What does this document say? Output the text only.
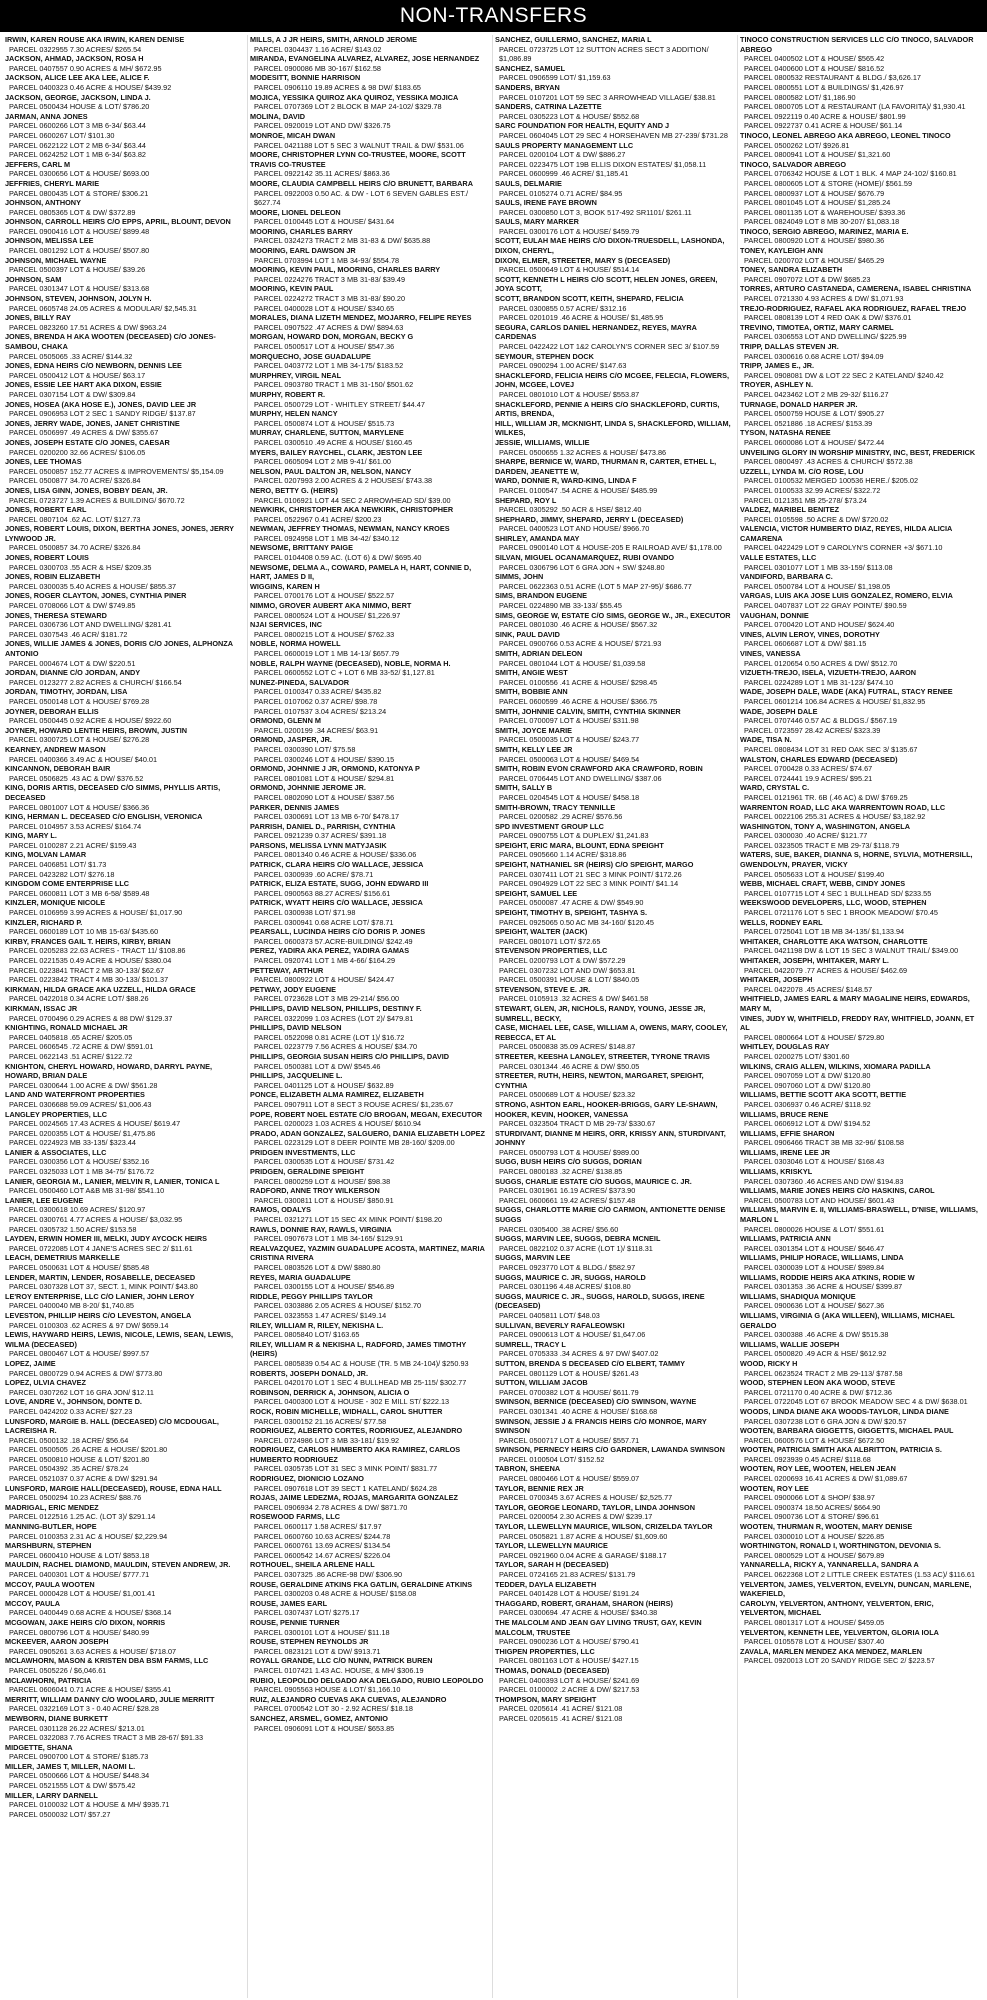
NON-TRANSFERS
IRWIN, KAREN ROUSE AKA IRWIN, KAREN DENISE
PARCEL 0322955 7.30 ACRES/ $265.54
JACKSON, AHMAD, JACKSON, ROSA H
PARCEL 0407557 0.90 ACRES & MH/ $672.95
JACKSON, ALICE LEE AKA LEE, ALICE F.
PARCEL 0400323 0.46 ACRE & HOUSE/ $439.92
JACKSON, GEORGE, JACKSON, LINDA J.
PARCEL 0500434 HOUSE & LOT/ $786.20
JARMAN, ANNA JONES
PARCEL 0600266 LOT 3 MB 6-34/ $63.44
PARCEL 0600267 LOT/ $101.30
PARCEL 0622122 LOT 2 MB 6-34/ $63.44
PARCEL 0624252 LOT 1 MB 6-34/ $63.82
JEFFERS, CARL M
PARCEL 0300656 LOT & HOUSE/ $693.00
JEFFRIES, CHERYL MARIE
PARCEL 0800435 LOT & STORE/ $306.21
JOHNSON, ANTHONY
PARCEL 0805365 LOT & DW/ $372.89
JOHNSON, CARROLL HEIRS C/O EPPS, APRIL, BLOUNT, DEVON
PARCEL 0900416 LOT & HOUSE/ $899.48
JOHNSON, MELISSA LEE
PARCEL 0801292 LOT & HOUSE/ $507.80
JOHNSON, MICHAEL WAYNE
PARCEL 0500397 LOT & HOUSE/ $39.26
JOHNSON, SAM
PARCEL 0301347 LOT & HOUSE/ $313.68
JOHNSON, STEVEN, JOHNSON, JOLYN H.
PARCEL 0605748 24.05 ACRES & MODULAR/ $2,545.31
JONES, BILLY RAY
PARCEL 0823260 17.51 ACRES & DW/ $963.24
JONES, BRENDA H AKA WOOTEN (DECEASED) C/O JONES-SAMBOU, CHAKA
PARCEL 0505065 .33 ACRE/ $144.32
JONES, EDNA HEIRS C/O NEWBORN, DENNIS LEE
PARCEL 0500412 LOT & HOUSE/ $63.17
JONES, ESSIE LEE HART AKA DIXON, ESSIE
PARCEL 0307154 LOT & DW/ $309.84
JONES, HOSEA (AKA HOSE E.), JONES, DAVID LEE JR
PARCEL 0906953 LOT 2 SEC 1 SANDY RIDGE/ $137.87
JONES, JERRY WADE, JONES, JANET CHRISTINE
PARCEL 0506997 .49 ACRES & DW/ $355.67
JONES, JOSEPH ESTATE C/O JONES, CAESAR
PARCEL 0200200 32.66 ACRES/ $106.05
JONES, LEE THOMAS
PARCEL 0500857 152.77 ACRES & IMPROVEMENTS/ $5,154.09
PARCEL 0500877 34.70 ACRE/ $326.84
JONES, LISA GINN, JONES, BOBBY DEAN, JR.
PARCEL 0723727 1.39 ACRES & BUILDING/ $670.72
JONES, ROBERT EARL
PARCEL 0807104 .62 AC. LOT/ $127.73
JONES, ROBERT LOUIS, DIXON, BERTHA JONES, JONES, JERRY LYNWOOD JR.
PARCEL 0500857 34.70 ACRE/ $326.84
JONES, ROBERT LOUIS
PARCEL 0300703 .55 ACR & HSE/ $209.35
JONES, ROBIN ELIZABETH
PARCEL 0300035 5.40 ACRES & HOUSE/ $855.37
JONES, ROGER CLAYTON, JONES, CYNTHIA PINER
PARCEL 0708066 LOT & DW/ $749.85
JONES, THERESA STEWARD
PARCEL 0306736 LOT AND DWELLING/ $281.41
PARCEL 0307543 .46 ACR/ $181.72
JONES, WILLIE JAMES & JONES, DORIS C/O JONES, ALPHONZA ANTONIO
PARCEL 0004674 LOT & DW/ $220.51
JORDAN, DIANNE C/O JORDAN, ANDY
PARCEL 0123277 2.82 ACRES & CHURCH/ $166.54
JORDAN, TIMOTHY, JORDAN, LISA
PARCEL 0500148 LOT & HOUSE/ $769.28
JOYNER, DEBORAH ELLIS
PARCEL 0500445 0.92 ACRE & HOUSE/ $922.60
JOYNER, HOWARD LENTIE HEIRS, BROWN, JUSTIN
PARCEL 0300725 LOT & HOUSE/ $276.28
KEARNEY, ANDREW MASON
PARCEL 0400366 3.49 AC & HOUSE/ $40.01
KINCANNON, DEBORAH BAIR
PARCEL 0506825 .43 AC & DW/ $376.52
KING, DORIS ARTIS, DECEASED C/O SIMMS, PHYLLIS ARTIS, DECEASED
PARCEL 0801007 LOT & HOUSE/ $366.36
KING, HERMAN L. DECEASED C/O ENGLISH, VERONICA
PARCEL 0104957 3.53 ACRES/ $164.74
KING, MARY L.
PARCEL 0100287 2.21 ACRE/ $159.43
KING, MOLVAN LAMAR
PARCEL 0406851 LOT/ $1.73
PARCEL 0423282 LOT/ $276.18
KINGDOM COME ENTERPRISE LLC
PARCEL 0600811 LOT 3 MB 6-58/ $589.48
KINZLER, MONIQUE NICOLE
PARCEL 0106959 3.99 ACRES & HOUSE/ $1,017.90
KINZLER, RICHARD P.
PARCEL 0600189 LOT 10 MB 15-63/ $435.60
KIRBY, FRANCES GAIL T. HEIRS, KIRBY, BRIAN
PARCEL 0205283 22.63 ACRES - TRACT 11/ $108.86
PARCEL 0221535 0.49 ACRE & HOUSE/ $380.04
PARCEL 0223841 TRACT 2 MB 30-133/ $62.67
PARCEL 0223842 TRACT 4 MB 30-133/ $101.37
KIRKMAN, HILDA GRACE AKA UZZELL, HILDA GRACE
PARCEL 0422018 0.34 ACRE LOT/ $88.26
KIRKMAN, ISSAC JR
PARCEL 0700496 0.29 ACRES & 88 DW/ $129.37
KNIGHTING, RONALD MICHAEL JR
PARCEL 0405818 .65 ACRE/ $205.05
PARCEL 0606545 .72 ACRE & DW/ $591.01
PARCEL 0622143 .51 ACRE/ $122.72
KNIGHTON, CHERYL HOWARD, HOWARD, DARRYL PAYNE, HOWARD, BRIAN DALE
PARCEL 0300644 1.00 ACRE & DW/ $561.28
LAND AND WATERFRONT PROPERTIES
PARCEL 0306688 59.09 ACRES/ $1,006.43
LANGLEY PROPERTIES, LLC
PARCEL 0024565 17.43 ACRES & HOUSE/ $619.47
PARCEL 0200355 LOT & HOUSE/ $1,475.86
PARCEL 0224923 MB 33-135/ $323.44
LANIER & ASSOCIATES, LLC
PARCEL 0300356 LOT & HOUSE/ $352.16
PARCEL 0325033 LOT 1 MB 34-75/ $176.72
LANIER, GEORGIA M., LANIER, MELVIN R, LANIER, TONICA L
PARCEL 0500460 LOT A&B MB 31-98/ $541.10
LANIER, LEE EUGENE
PARCEL 0300618 10.69 ACRES/ $120.97
PARCEL 0300761 4.77 ACRES & HOUSE/ $3,032.95
PARCEL 0305732 1.50 ACRE/ $153.58
LAYDEN, ERWIN HOMER III, MELKI, JUDY AYCOCK HEIRS
PARCEL 0722085 LOT 4 JANE'S ACRES SEC 2/ $11.61
LEACH, DEMETRIUS MARKELLE
PARCEL 0500631 LOT & HOUSE/ $585.48
LENDER, MARTIN, LENDER, ROSABELLE, DECEASED
PARCEL 0307328 LOT 37, SECT. 1, MINK POINT/ $43.80
LE'ROY ENTERPRISE, LLC C/O LANIER, JOHN LEROY
PARCEL 0400040 MB 8-20/ $1,740.85
LEVESTON, PHILLIP HEIRS C/O LEVESTON, ANGELA
PARCEL 0100303 .62 ACRES & 97 DW/ $659.14
LEWIS, HAYWARD HEIRS, LEWIS, NICOLE, LEWIS, SEAN, LEWIS, WILMA (DECEASED)
PARCEL 0800467 LOT & HOUSE/ $997.57
LOPEZ, JAIME
PARCEL 0800729 0.94 ACRES & DW/ $773.80
LOPEZ, ULVIA CHAVEZ
PARCEL 0307262 LOT 16 GRA JON/ $12.11
LOVE, ANDRE V., JOHNSON, DONTE D.
PARCEL 0424202 0.33 ACRE/ $27.23
LUNSFORD, MARGIE B. HALL (DECEASED) C/O MCDOUGAL, LACREISHA R.
PARCEL 0500132 .18 ACRE/ $56.64
PARCEL 0500505 .26 ACRE & HOUSE/ $201.80
PARCEL 0500810 HOUSE & LOT/ $201.80
PARCEL 0504392 .35 ACRE/ $78.24
PARCEL 0521037 0.37 ACRE & DW/ $291.94
LUNSFORD, MARGIE HALL(DECEASED), ROUSE, EDNA HALL
PARCEL 0500294 10.23 ACRES/ $88.76
MADRIGAL, ERIC MENDEZ
PARCEL 0122516 1.25 AC. (LOT 3)/ $291.14
MANNING-BUTLER, HOPE
PARCEL 0100353 2.31 AC & HOUSE/ $2,229.94
MARSHBURN, STEPHEN
PARCEL 0600410 HOUSE & LOT/ $853.18
MAULDIN, RACHEL DIAMOND, MAULDIN, STEVEN ANDREW, JR.
PARCEL 0400301 LOT & HOUSE/ $777.71
MCCOY, PAULA WOOTEN
PARCEL 0000428 LOT & HOUSE/ $1,001.41
MCCOY, PAULA
PARCEL 0400449 0.68 ACRE & HOUSE/ $368.14
MCGOWAN, JAKE HEIRS C/O DIXON, NORRIS
PARCEL 0800796 LOT & HOUSE/ $480.99
MCKEEVER, AARON JOSEPH
PARCEL 0905261 3.63 ACRES & HOUSE/ $718.07
MCLAWHORN, MASON & KRISTEN DBA BSM FARMS, LLC
PARCEL 0505226 / $6,046.61
MCLAWHORN, PATRICIA
PARCEL 0606041 0.71 ACRE & HOUSE/ $355.41
MERRITT, WILLIAM DANNY C/O WOOLARD, JULIE MERRITT
PARCEL 0322169 LOT 3 - 0.40 ACRE/ $28.28
MEWBORN, DIANE BURKETT
PARCEL 0301128 26.22 ACRES/ $213.01
PARCEL 0322083 7.76 ACRES TRACT 3 MB 28-67/ $91.33
MIDGETTE, SHANA
PARCEL 0900700 LOT & STORE/ $185.73
MILLER, JAMES T, MILLER, NAOMI L.
PARCEL 0500666 LOT & HOUSE/ $448.34
PARCEL 0521555 LOT & DW/ $575.42
MILLER, LARRY DARNELL
PARCEL 0100032 LOT & HOUSE & MH/ $935.71
PARCEL 0500032 LOT/ $57.27
MILLS, A J JR HEIRS, SMITH, ARNOLD JEROME
PARCEL 0304437 1.16 ACRE/ $143.02
MIRANDA, EVANGELINA ALVAREZ, ALVAREZ, JOSE HERNANDEZ
PARCEL 0900086 MB 30-167/ $162.58
MODESITT, BONNIE HARRISON
PARCEL 0906110 19.89 ACRES & 98 DW/ $183.65
MOJICA, YESSIKA QUIROZ AKA QUIROZ, YESSIKA MOJICA
PARCEL 0707369 LOT 2 BLOCK B MAP 24-102/ $329.78
MOLINA, DAVID
PARCEL 0920019 LOT AND DW/ $326.75
MONROE, MICAH DWAN
PARCEL 0421188 LOT 5 SEC 3 WALNUT TRAIL & DW/ $531.06
MOORE, CHRISTOPHER LYNN CO-TRUSTEE, MOORE, SCOTT TRAVIS CO-TRUSTEE
PARCEL 0922142 35.11 ACRES/ $863.36
MOORE, CLAUDIA CAMPBELL HEIRS C/O BRUNETT, BARBARA
PARCEL 0922003 0.50 AC. & DW - LOT 6 SEVEN GABLES EST./ $627.74
MOORE, LIONEL DELEON
PARCEL 0100445 LOT & HOUSE/ $431.64
MOORING, CHARLES BARRY
PARCEL 0324273 TRACT 2 MB 31-83 & DW/ $635.88
MOORING, EARL DAWSON JR
PARCEL 0703994 LOT 1 MB 34-93/ $554.78
MOORING, KEVIN PAUL, MOORING, CHARLES BARRY
PARCEL 0224276 TRACT 3 MB 31-83/ $39.49
MOORING, KEVIN PAUL
PARCEL 0224272 TRACT 3 MB 31-83/ $90.20
PARCEL 0400028 LOT & HOUSE/ $340.65
MORALES, DIANA LIZETH MENDEZ, MOJARRO, FELIPE REYES
PARCEL 0907522 .47 ACRES & DW/ $894.63
MORGAN, HOWARD DON, MORGAN, BECKY G
PARCEL 0500517 LOT & HOUSE/ $547.36
MORQUECHO, JOSE GUADALUPE
PARCEL 0403772 LOT 1 MB 34-175/ $183.52
MURPHREY, VIRGIL NEAL
PARCEL 0903780 TRACT 1 MB 31-150/ $501.62
MURPHY, ROBERT R.
PARCEL 0500729 LOT - WHITLEY STREET/ $44.47
MURPHY, HELEN NANCY
PARCEL 0500874 LOT & HOUSE/ $515.73
MURRAY, CHARLENE, SUTTON, MARYLENE
PARCEL 0300510 .49 ACRE & HOUSE/ $160.45
MYERS, BAILEY RAYCHEL, CLARK, JESTON LEE
PARCEL 0605094 LOT 2 MB 9-41/ $61.00
NELSON, PAUL DALTON JR, NELSON, NANCY
PARCEL 0207993 2.00 ACRES & 2 HOUSES/ $743.38
NERO, BETTY G. (HEIRS)
PARCEL 0106921 LOT 44 SEC 2 ARROWHEAD SD/ $39.00
NEWKIRK, CHRISTOPHER AKA NEWKIRK, CHRISTOPHER
PARCEL 0522967 0.41 ACRE/ $200.23
NEWMAN, JEFFREY THOMAS, NEWMAN, NANCY KROES
PARCEL 0924958 LOT 1 MB 34-42/ $340.12
NEWSOME, BRITTANY PAIGE
PARCEL 0104408 0.59 AC. (LOT 6) & DW/ $695.40
NEWSOME, DELMA A., COWARD, PAMELA H, HART, CONNIE D, HART, JAMES D II,
WIGGINS, KAREN H
PARCEL 0700176 LOT & HOUSE/ $522.57
NIMMO, GROVER AUBERT AKA NIMMO, BERT
PARCEL 0800524 LOT & HOUSE/ $1,226.97
NJAI SERVICES, INC
PARCEL 0800215 LOT & HOUSE/ $762.33
NOBLE, NORMA HOWELL
PARCEL 0600019 LOT 1 MB 14-13/ $657.79
NOBLE, RALPH WAYNE (DECEASED), NOBLE, NORMA H.
PARCEL 0600552 LOT C + LOT 6 MB 33-52/ $1,127.81
NUNEZ-PINEDA, SALVADOR
PARCEL 0100347 0.33 ACRE/ $435.82
PARCEL 0107062 0.37 ACRE/ $98.78
PARCEL 0107537 3.04 ACRES/ $213.24
ORMOND, GLENN M
PARCEL 0200199 .34 ACRES/ $63.91
ORMOND, JASPER, JR.
PARCEL 0300390 LOT/ $75.58
PARCEL 0300246 LOT & HOUSE/ $390.15
ORMOND, JOHNNIE J JR, ORMOND, KATONYA P
PARCEL 0801081 LOT & HOUSE/ $294.81
ORMOND, JOHNNIE JEROME JR.
PARCEL 0802090 LOT & HOUSE/ $387.56
PARKER, DENNIS JAMES
PARCEL 0300691 LOT 13 MB 6-70/ $478.17
PARRISH, DANIEL D., PARRISH, CYNTHIA
PARCEL 0921239 0.37 ACRES/ $391.18
PARSONS, MELISSA LYNN MATYJASIK
PARCEL 0801340 0.46 ACRE & HOUSE/ $336.06
PATRICK, CLARA HEIRS C/O WALLACE, JESSICA
PARCEL 0300939 .60 ACRE/ $78.71
PATRICK, ELIZA ESTATE, SUGG, JOHN EDWARD III
PARCEL 0900563 88.27 ACRES/ $156.61
PATRICK, WYATT HEIRS C/O WALLACE, JESSICA
PARCEL 0300938 LOT/ $71.98
PARCEL 0300941 0.68 ACRE LOT/ $78.71
PEARSALL, LUCINDA HEIRS C/O DORIS P. JONES
PARCEL 0600373 57.ACRE-BUILDING/ $242.49
PEREZ, YADIRA AKA PEREZ, YADIRA GAMAS
PARCEL 0920741 LOT 1 MB 4-66/ $164.29
PETTEWAY, ARTHUR
PARCEL 0800922 LOT & HOUSE/ $424.47
PETWAY, JODY EUGENE
PARCEL 0723628 LOT 3 MB 29-214/ $56.00
PHILLIPS, DAVID NELSON, PHILLIPS, DESTINY F.
PARCEL 0322099 1.03 ACRES (LOT 2)/ $479.81
PHILLIPS, DAVID NELSON
PARCEL 0522098 0.81 ACRE (LOT 1)/ $16.72
PARCEL 0223779 7.56 ACRES & HOUSE/ $34.70
PHILLIPS, GEORGIA SUSAN HEIRS C/O PHILLIPS, DAVID
PARCEL 0500381 LOT & DW/ $545.46
PHILLIPS, JACQUELINE L.
PARCEL 0401125 LOT & HOUSE/ $632.89
PONCE, ELIZABETH ALMA RAMIREZ, ELIZABETH
PARCEL 0907911 LOT 8 SECT 3 ROUSE ACRES/ $1,235.67
POPE, ROBERT NOEL ESTATE C/O BROGAN, MEGAN, EXECUTOR
PARCEL 0200023 1.03 ACRES & HOUSE/ $610.94
PRADO, ADAN GONZALEZ, SALGUERO, DANIA ELIZABETH LOPEZ
PARCEL 0223129 LOT 8 DEER POINTE MB 28-160/ $209.00
PRIDGEN INVESTMENTS, LLC
PARCEL 0300535 LOT & HOUSE/ $731.42
PRIDGEN, GERALDINE SPEIGHT
PARCEL 0800259 LOT & HOUSE/ $98.38
RADFORD, ANNE TROY WILKERSON
PARCEL 0300811 LOT & HOUSE/ $850.91
RAMOS, ODALYS
PARCEL 0321271 LOT 15 SEC 4X MINK POINT/ $198.20
RAWLS, DONNIE RAY, RAWLS, VIRGINIA
PARCEL 0907673 LOT 1 MB 34-165/ $129.91
REALVAZQUEZ, YAZMIN GUADALUPE ACOSTA, MARTINEZ, MARIA CRISTINA RIVERA
PARCEL 0803526 LOT & DW/ $880.80
REYES, MARIA GUADALUPE
PARCEL 0300155 LOT & HOUSE/ $546.89
RIDDLE, PEGGY PHILLIPS TAYLOR
PARCEL 0303886 2.05 ACRES & HOUSE/ $152.70
PARCEL 0323553 1.47 ACRES/ $149.14
RILEY, WILLIAM R, RILEY, NEKISHA L.
PARCEL 0805840 LOT/ $163.65
RILEY, WILLIAM R & NEKISHA L, RADFORD, JAMES TIMOTHY (HEIRS)
PARCEL 0805839 0.54 AC & HOUSE (TR. 5 MB 24-104)/ $250.93
ROBERTS, JOSEPH DONALD, JR.
PARCEL 0420170 LOT 1 SEC 4 BULLHEAD MB 25-115/ $302.77
ROBINSON, DERRICK A, JOHNSON, ALICIA O
PARCEL 0400300 LOT & HOUSE - 302 E MILL ST/ $222.13
ROCK, ROBIN MICHELLE, WIDHALL, CAROL SHUTTER
PARCEL 0300152 21.16 ACRES/ $77.58
RODRIGUEZ, ALBERTO CORTES, RODRIGUEZ, ALEJANDRO
PARCEL 0724986 LOT 3 MB 33-181/ $19.92
RODRIGUEZ, CARLOS HUMBERTO AKA RAMIREZ, CARLOS HUMBERTO RODRIGUEZ
PARCEL 0305735 LOT 31 SEC 3 MINK POINT/ $831.77
RODRIGUEZ, DIONICIO LOZANO
PARCEL 0907618 LOT 39 SECT 1 KATELAND/ $624.28
ROJAS, JAIME LEDEZMA, ROJAS, MARGARITA GONZALEZ
PARCEL 0906934 2.78 ACRES & DW/ $871.70
ROSEWOOD FARMS, LLC
PARCEL 0600117 1.58 ACRES/ $17.97
PARCEL 0600760 10.63 ACRES/ $244.78
PARCEL 0600761 13.69 ACRES/ $134.54
PARCEL 0600542 14.67 ACRES/ $226.04
ROTHOUEL, SHEILA ARLENE HALL
PARCEL 0307325 .86 ACRE-98 DW/ $306.90
ROUSE, GERALDINE ATKINS FKA GATLIN, GERALDINE ATKINS
PARCEL 0300203 0.48 ACRE & HOUSE/ $158.08
ROUSE, JAMES EARL
PARCEL 0307437 LOT/ $275.17
ROUSE, PENNIE TURNER
PARCEL 0300101 LOT & HOUSE/ $11.18
ROUSE, STEPHEN REYNOLDS JR
PARCEL 0823121 LOT & DW/ $913.71
ROYALL GRANDE, LLC C/O NUNN, PATRICK BUREN
PARCEL 0107421 1.43 AC. HOUSE, & MH/ $306.19
RUBIO, LEOPOLDO DELGADO AKA DELGADO, RUBIO LEOPOLDO
PARCEL 0905563 HOUSE & LOT/ $1,166.10
RUIZ, ALEJANDRO CUEVAS AKA CUEVAS, ALEJANDRO
PARCEL 0700542 LOT 30 - 2.92 ACRES/ $18.18
SANCHEZ, ARSMEL, GOMEZ, ANTONIO
PARCEL 0906091 LOT & HOUSE/ $653.85
SANCHEZ, GUILLERMO, SANCHEZ, MARIA L
PARCEL 0723725 LOT 12 SUTTON ACRES SECT 3 ADDITION/ $1,086.89
SANCHEZ, SAMUEL
PARCEL 0906599 LOT/ $1,159.63
SANDERS, BRYAN
PARCEL 0107201 LOT 59 SEC 3 ARROWHEAD VILLAGE/ $38.81
SANDERS, CATRINA LAZETTE
PARCEL 0305223 LOT & HOUSE/ $552.68
SARC FOUNDATION FOR HEALTH, EQUITY AND J
PARCEL 0604045 LOT 29 SEC 4 HORSEHAVEN MB 27-239/ $731.28
SAULS PROPERTY MANAGEMENT LLC
PARCEL 0200104 LOT & DW/ $886.27
PARCEL 0223475 LOT 19B ELLIS DIXON ESTATES/ $1,058.11
PARCEL 0600999 .46 ACRE/ $1,185.41
SAULS, DELMARIE
PARCEL 0105274 0.71 ACRE/ $84.95
SAULS, IRENE FAYE BROWN
PARCEL 0300850 LOT 3, BOOK 517-492 SR1101/ $261.11
SAULS, MARY MARKER
PARCEL 0300176 LOT & HOUSE/ $459.79
SCOTT, EULAH MAE HEIRS C/O DIXON-TRUESDELL, LASHONDA, DIXON, CHERYL,
DIXON, ELMER, STREETER, MARY S (DECEASED)
PARCEL 0500649 LOT & HOUSE/ $514.14
SCOTT, KENNETH L HEIRS C/O SCOTT, HELEN JONES, GREEN, JOYA SCOTT,
SCOTT, BRANDON SCOTT, KEITH, SHEPARD, FELICIA
PARCEL 0300855 0.57 ACRE/ $312.16
PARCEL 0201019 .46 ACRE & HOUSE/ $1,485.95
SEGURA, CARLOS DANIEL HERNANDEZ, REYES, MAYRA CARDENAS
PARCEL 0422422 LOT 1&2 CAROLYN'S CORNER SEC 3/ $107.59
SEYMOUR, STEPHEN DOCK
PARCEL 0900294 1.00 ACRE/ $147.63
SHACKLEFORD, FELICIA HEIRS C/O MCGEE, FELECIA, FLOWERS, JOHN, MCGEE, LOVEJ
PARCEL 0801010 LOT & HOUSE/ $553.87
SHACKLEFORD, PENNIE A HEIRS C/O SHACKLEFORD, CURTIS, ARTIS, BRENDA,
HILL, WILLIAM JR, MCKNIGHT, LINDA S, SHACKLEFORD, WILLIAM, WILKES,
JESSIE, WILLIAMS, WILLIE
PARCEL 0500655 1.32 ACRES & HOUSE/ $473.86
SHARPE, BERNICE W, WARD, THURMAN R, CARTER, ETHEL L, DARDEN, JEANETTE W,
WARD, DONNIE R, WARD-KING, LINDA F
PARCEL 0100547 .54 ACRE & HOUSE/ $485.99
SHEPARD, ROY L
PARCEL 0305292 .50 ACR & HSE/ $812.40
SHEPHARD, JIMMY, SHEPARD, JERRY L (DECEASED)
PARCEL 0400523 LOT AND HOUSE/ $966.70
SHIRLEY, AMANDA MAY
PARCEL 0900140 LOT & HOUSE-205 E RAILROAD AVE/ $1,178.00
SILVAN, MIGUEL OCANAMARQUEZ, RUBI OVANDO
PARCEL 0306796 LOT 6 GRA JON + SW/ $248.80
SIMMS, JOHN
PARCEL 0622363 0.51 ACRE (LOT 5 MAP 27-95)/ $686.77
SIMS, BRANDON EUGENE
PARCEL 0224890 MB 33-133/ $55.45
SIMS, GEORGE W, ESTATE C/O SIMS, GEORGE W., JR., EXECUTOR
PARCEL 0801030 .46 ACRE & HOUSE/ $567.32
SINK, PAUL DAVID
PARCEL 0900766 0.53 ACRE & HOUSE/ $721.93
SMITH, ADRIAN DELEON
PARCEL 0801044 LOT & HOUSE/ $1,039.58
SMITH, ANGIE WEST
PARCEL 0100556 .41 ACRE & HOUSE/ $298.45
SMITH, BOBBIE ANN
PARCEL 0600599 .46 ACRE & HOUSE/ $366.75
SMITH, JOHNNIE CALVIN, SMITH, CYNTHIA SKINNER
PARCEL 0700097 LOT & HOUSE/ $311.98
SMITH, JOYCE MARIE
PARCEL 0500035 LOT & HOUSE/ $243.77
SMITH, KELLY LEE JR
PARCEL 0500063 LOT & HOUSE/ $469.54
SMITH, ROBIN EVON CRAWFORD AKA CRAWFORD, ROBIN
PARCEL 0706445 LOT AND DWELLING/ $387.06
SMITH, SALLY B
PARCEL 0204545 LOT & HOUSE/ $458.18
SMITH-BROWN, TRACY TENNILLE
PARCEL 0200582 .29 ACRE/ $576.56
SPD INVESTMENT GROUP LLC
PARCEL 0900755 LOT & DUPLEX/ $1,241.83
SPEIGHT, ERIC MARA, BLOUNT, EDNA SPEIGHT
PARCEL 0905660 1.14 ACRE/ $318.86
SPEIGHT, NATHANIEL SR (HEIRS) C/O SPEIGHT, MARGO
PARCEL 0307411 LOT 21 SEC 3 MINK POINT/ $172.26
PARCEL 0904929 LOT 22 SEC 3 MINK POINT/ $41.14
SPEIGHT, SAMUEL LEE
PARCEL 0500087 .47 ACRE & DW/ $549.90
SPEIGHT, TIMOTHY B, SPEIGHT, TASHYA S.
PARCEL 0925065 0.50 AC MB 34-160/ $120.45
SPEIGHT, WALTER (JACK)
PARCEL 0801071 LOT/ $72.65
STEVENSON PROPERTIES, LLC
PARCEL 0200793 LOT & DW/ $572.29
PARCEL 0307232 LOT AND DW/ $653.81
PARCEL 0500391 HOUSE & LOT/ $840.05
STEVENSON, STEVE E. JR.
PARCEL 0105913 .32 ACRES & DW/ $461.58
STEWART, GLEN, JR, NICHOLS, RANDY, YOUNG, JESSE JR, SUMRELL, BECKY,
CASE, MICHAEL LEE, CASE, WILLIAM A, OWENS, MARY, COOLEY, REBECCA, ET AL
PARCEL 0500838 35.09 ACRES/ $148.87
STREETER, KEESHA LANGLEY, STREETER, TYRONE TRAVIS
PARCEL 0301344 .46 ACRE & DW/ $50.05
STREETER, RUTH, HEIRS, NEWTON, MARGARET, SPEIGHT, CYNTHIA
PARCEL 0500689 LOT & HOUSE/ $23.32
STRONG, ASHTON EARL, HOOKER-BRIGGS, GARY LE-SHAWN, HOOKER, KEVIN, HOOKER, VANESSA
PARCEL 0323504 TRACT D MB 29-73/ $330.67
STURDIVANT, DIANNE M HEIRS, ORR, KRISSY ANN, STURDIVANT, JOHNNY
PARCEL 0500793 LOT & HOUSE/ $989.00
SUGG, BUSH HEIRS C/O SUGGS, DORIAN
PARCEL 0800183 .32 ACRE/ $138.85
SUGGS, CHARLIE ESTATE C/O SUGGS, MAURICE C. JR.
PARCEL 0301961 16.19 ACRES/ $373.90
PARCEL 0600661 19.42 ACRES/ $157.48
SUGGS, CHARLOTTE MARIE C/O CARMON, ANTIONETTE DENISE SUGGS
PARCEL 0305400 .38 ACRE/ $56.60
SUGGS, MARVIN LEE, SUGGS, DEBRA MCNEIL
PARCEL 0822102 0.37 ACRE (LOT 1)/ $118.31
SUGGS, MARVIN LEE
PARCEL 0923770 LOT & BLDG./ $582.97
SUGGS, MAURICE C. JR, SUGGS, HAROLD
PARCEL 0301196 4.48 ACRES/ $108.80
SUGGS, MAURICE C. JR., SUGGS, HAROLD, SUGGS, IRENE (DECEASED)
PARCEL 0405811 LOT/ $48.03
SULLIVAN, BEVERLY RAFALEOWSKI
PARCEL 0900613 LOT & HOUSE/ $1,647.06
SUMRELL, TRACY L
PARCEL 0705333 .34 ACRES & 97 DW/ $407.02
SUTTON, BRENDA S DECEASED C/O ELBERT, TAMMY
PARCEL 0801129 LOT & HOUSE/ $261.43
SUTTON, WILLIAM JACOB
PARCEL 0700382 LOT & HOUSE/ $611.79
SWINSON, BERNICE (DECEASED) C/O SWINSON, WAYNE
PARCEL 0301341 .40 ACRE & HOUSE/ $168.68
SWINSON, JESSIE J & FRANCIS HEIRS C/O MONROE, MARY SWINSON
PARCEL 0500717 LOT & HOUSE/ $557.71
SWINSON, PERNECY HEIRS C/O GARDNER, LAWANDA SWINSON
PARCEL 0100504 LOT/ $152.52
TABRON, SHEENA
PARCEL 0800466 LOT & HOUSE/ $559.07
TAYLOR, BENNIE REX JR
PARCEL 0700345 3.67 ACRES & HOUSE/ $2,525.77
TAYLOR, GEORGE LEONARD, TAYLOR, LINDA JOHNSON
PARCEL 0200054 2.30 ACRES & DW/ $239.17
TAYLOR, LLEWELLYN MAURICE, WILSON, CRIZELDA TAYLOR
PARCEL 0505821 1.87 ACRE & HOUSE/ $1,609.60
TAYLOR, LLEWELLYN MAURICE
PARCEL 0921960 0.04 ACRE & GARAGE/ $188.17
TAYLOR, SARAH H (DECEASED)
PARCEL 0724165 21.83 ACRES/ $131.79
TEDDER, DAYLA ELIZABETH
PARCEL 0401428 LOT & HOUSE/ $191.24
THAGGARD, ROBERT, GRAHAM, SHARON (HEIRS)
PARCEL 0300694 .47 ACRE & HOUSE/ $340.38
THE MALCOLM AND JEAN GAY LIVING TRUST, GAY, KEVIN MALCOLM, TRUSTEE
PARCEL 0900236 LOT & HOUSE/ $790.41
THIGPEN PROPERTIES, LLC
PARCEL 0801163 LOT & HOUSE/ $427.15
THOMAS, DONALD (DECEASED)
PARCEL 0400393 LOT & HOUSE/ $241.69
PARCEL 0100002 .2 ACRE & DW/ $217.53
THOMPSON, MARY SPEIGHT
PARCEL 0205614 .41 ACRE/ $121.08
PARCEL 0205615 .41 ACRE/ $121.08
TINOCO CONSTRUCTION SERVICES LLC C/O TINOCO, SALVADOR ABREGO
PARCEL 0400502 LOT & HOUSE/ $565.42
PARCEL 0400600 LOT & HOUSE/ $816.52
PARCEL 0800532 RESTAURANT & BLDG./ $3,626.17
PARCEL 0800551 LOT & BUILDINGS/ $1,426.97
PARCEL 0800582 LOT/ $1,186.90
PARCEL 0800705 LOT & RESTAURANT (LA FAVORITA)/ $1,930.41
PARCEL 0922119 0.40 ACRE & HOUSE/ $801.99
PARCEL 0922737 0.41 ACRE & HOUSE/ $61.14
TINOCO, LEONEL ABREGO AKA ABREGO, LEONEL TINOCO
PARCEL 0500262 LOT/ $926.81
PARCEL 0800941 LOT & HOUSE/ $1,321.60
TINOCO, SALVADOR ABREGO
PARCEL 0706342 HOUSE & LOT 1 BLK. 4 MAP 24-102/ $160.81
PARCEL 0800605 LOT & STORE (HOME)/ $561.59
PARCEL 0800937 LOT & HOUSE/ $676.79
PARCEL 0801045 LOT & HOUSE/ $1,285.24
PARCEL 0801135 LOT & WAREHOUSE/ $393.36
PARCEL 0824049 LOT 8 MB 30-207/ $1,083.18
TINOCO, SERGIO ABREGO, MARINEZ, MARIA E.
PARCEL 0800920 LOT & HOUSE/ $980.36
TONEY, KAYLEIGH ANN
PARCEL 0200702 LOT & HOUSE/ $465.29
TONEY, SANDRA ELIZABETH
PARCEL 0907072 LOT & DW/ $685.23
TORRES, ARTURO CASTANEDA, CAMERENA, ISABEL CHRISTINA
PARCEL 0721330 4.93 ACRES & DW/ $1,071.93
TREJO-RODRIGUEZ, RAFAEL AKA RODRIGUEZ, RAFAEL TREJO
PARCEL 0808139 LOT 4 RED OAK & DW/ $376.01
TREVINO, TIMOTEA, ORTIZ, MARY CARMEL
PARCEL 0306553 LOT AND DWELLING/ $225.99
TRIPP, DALLAS STEVEN JR.
PARCEL 0300616 0.68 ACRE LOT/ $94.09
TRIPP, JAMES E., JR.
PARCEL 0908081 DW & LOT 22 SEC 2 KATELAND/ $240.42
TROYER, ASHLEY N.
PARCEL 0423462 LOT 2 MB 29-32/ $116.27
TURNAGE, DONALD HARPER JR.
PARCEL 0500759 HOUSE & LOT/ $905.27
PARCEL 0521886 .18 ACRES/ $153.39
TYSON, NATASHA RENEE
PARCEL 0600086 LOT & HOUSE/ $472.44
UNVEILING GLORY IN WORSHIP MINISTRY, INC, BEST, FREDERICK
PARCEL 0800497 .43 ACRES & CHURCH/ $572.38
UZZELL, LYNDA M. C/O ROSE, LOU
PARCEL 0100532 MERGED 100536 HERE./ $205.02
PARCEL 0100533 32.99 ACRES/ $322.72
PARCEL 0121351 MB 25-278/ $73.24
VALDEZ, MARIBEL BENITEZ
PARCEL 0105598 .50 ACRE & DW/ $720.02
VALENCIA, VICTOR HUMBERTO DIAZ, REYES, HILDA ALICIA CAMARENA
PARCEL 0422429 LOT 9 CAROLYN'S CORNER +3/ $671.10
VALLE ESTATES, LLC
PARCEL 0301077 LOT 1 MB 33-159/ $113.08
VANDIFORD, BARBARA C.
PARCEL 0500784 LOT & HOUSE/ $1,198.05
VARGAS, LUIS AKA JOSE LUIS GONZALEZ, ROMERO, ELVIA
PARCEL 0407837 LOT 22 GRAY POINTE/ $90.59
VAUGHAN, DONNIE
PARCEL 0700420 LOT AND HOUSE/ $624.40
VINES, ALVIN LEROY, VINES, DOROTHY
PARCEL 0606687 LOT & DW/ $81.15
VINES, VANESSA
PARCEL 0120654 0.50 ACRES & DW/ $512.70
VIZUETH-TREJO, ISELA, VIZUETH-TREJO, AARON
PARCEL 0224289 LOT 1 MB 31-123/ $474.10
WADE, JOSEPH DALE, WADE (AKA) FUTRAL, STACY RENEE
PARCEL 0601214 106.84 ACRES & HOUSE/ $1,832.95
WADE, JOSEPH DALE
PARCEL 0707446 0.57 AC & BLDGS./ $567.19
PARCEL 0723597 28.42 ACRES/ $323.39
WADE, TISA N.
PARCEL 0808434 LOT 31 RED OAK SEC 3/ $135.67
WALSTON, CHARLES EDWARD (DECEASED)
PARCEL 0700428 0.33 ACRES/ $74.67
PARCEL 0724441 19.9 ACRES/ $95.21
WARD, CRYSTAL C.
PARCEL 0121961 TR. 6B (.46 AC) & DW/ $769.25
WARRENTON ROAD, LLC AKA WARRENTOWN ROAD, LLC
PARCEL 0022106 255.31 ACRES & HOUSE/ $3,182.92
WASHINGTON, TONY A, WASHINGTON, ANGELA
PARCEL 0300030 .40 ACRE/ $121.77
PARCEL 0323505 TRACT E MB 29-73/ $118.79
WATERS, SUE, BAKER, DIANNA S, HORNE, SYLVIA, MOTHERSILL,
GWENDOLYN, PRAYER, VICKY
PARCEL 0505633 LOT & HOUSE/ $199.40
WEBB, MICHAEL CRAFT, WEBB, CINDY JONES
PARCEL 0107715 LOT 4 SEC 1 BULLHEAD SD/ $233.55
WEEKSWOOD DEVELOPERS, LLC, WOOD, STEPHEN
PARCEL 0721176 LOT 5 SEC 1 BROOK MEADOW/ $70.45
WELLS, RODNEY EARL
PARCEL 0725041 LOT 1B MB 34-135/ $1,133.94
WHITAKER, CHARLOTTE AKA WATSON, CHARLOTTE
PARCEL 0421198 DW & LOT 15 SEC 3 WALNUT TRAIL/ $349.00
WHITAKER, JOSEPH, WHITAKER, MARY L.
PARCEL 0422079 .77 ACRES & HOUSE/ $462.69
WHITAKER, JOSEPH
PARCEL 0422078 .45 ACRES/ $148.57
WHITFIELD, JAMES EARL & MARY MAGALINE HEIRS, EDWARDS, MARY M,
VINES, JUDY W, WHITFIELD, FREDDY RAY, WHITFIELD, JOANN, ET AL
PARCEL 0800664 LOT & HOUSE/ $729.80
WHITLEY, DOUGLAS RAY
PARCEL 0200275 LOT/ $301.60
WILKINS, CRAIG ALLEN, WILKINS, XIOMARA PADILLA
PARCEL 0907059 LOT & DW/ $120.80
PARCEL 0907060 LOT & DW/ $120.80
WILLIAMS, BETTIE SCOTT AKA SCOTT, BETTIE
PARCEL 0306937 0.46 ACRE/ $118.92
WILLIAMS, BRUCE RENE
PARCEL 0606912 LOT & DW/ $194.52
WILLIAMS, EFFIE SHARON
PARCEL 0906466 TRACT 3B MB 32-96/ $108.58
WILLIAMS, IRENE LEE JR
PARCEL 0303046 LOT & HOUSE/ $168.43
WILLIAMS, KRISKYL
PARCEL 0307360 .46 ACRES AND DW/ $194.83
WILLIAMS, MARIE JONES HEIRS C/O HASKINS, CAROL
PARCEL 0500783 LOT AND HOUSE/ $601.43
WILLIAMS, MARVIN E. II, WILLIAMS-BRASWELL, D'NISE, WILLIAMS, MARLON L
PARCEL 0800026 HOUSE & LOT/ $551.61
WILLIAMS, PATRICIA ANN
PARCEL 0301354 LOT & HOUSE/ $646.47
WILLIAMS, PHILIP HORACE, WILLIAMS, LINDA
PARCEL 0300039 LOT & HOUSE/ $989.84
WILLIAMS, RODDIE HEIRS AKA ATKINS, RODIE W
PARCEL 0301353 .36 ACRE & HOUSE/ $399.87
WILLIAMS, SHADIQUA MONIQUE
PARCEL 0900636 LOT & HOUSE/ $627.36
WILLIAMS, VIRGINIA G (AKA WILLEEN), WILLIAMS, MICHAEL GERALDO
PARCEL 0300388 .46 ACRE & DW/ $515.38
WILLIAMS, WALLIE JOSEPH
PARCEL 0500820 .49 ACR & HSE/ $612.92
WOOD, RICKY H
PARCEL 0623524 TRACT 2 MB 29-113/ $787.58
WOOD, STEPHEN LEON AKA WOOD, STEVE
PARCEL 0721170 0.40 ACRE & DW/ $712.36
PARCEL 0722045 LOT 67 BROOK MEADOW SEC 4 & DW/ $638.01
WOODS, LINDA DIANE AKA WOODS-TAYLOR, LINDA DIANE
PARCEL 0307238 LOT 6 GRA JON & DW/ $20.57
WOOTEN, BARBARA GIGGETTS, GIGGETTS, MICHAEL PAUL
PARCEL 0600576 LOT & HOUSE/ $672.50
WOOTEN, PATRICIA SMITH AKA ALBRITTON, PATRICIA S.
PARCEL 0923939 0.45 ACRE/ $118.68
WOOTEN, ROY LEE, WOOTEN, HELEN JEAN
PARCEL 0200693 16.41 ACRES & DW/ $1,089.67
WOOTEN, ROY LEE
PARCEL 0900066 LOT & SHOP/ $38.97
PARCEL 0900374 18.50 ACRES/ $664.90
PARCEL 0900736 LOT & STORE/ $96.61
WOOTEN, THURMAN R, WOOTEN, MARY DENISE
PARCEL 0300010 LOT & HOUSE/ $226.85
WORTHINGTON, RONALD I, WORTHINGTON, DEVONIA S.
PARCEL 0800529 LOT & HOUSE/ $679.89
YANNARELLA, RICKY A, YANNARELLA, SANDRA A
PARCEL 0622368 LOT 2 LITTLE CREEK ESTATES (1.53 AC)/ $116.61
YELVERTON, JAMES, YELVERTON, EVELYN, DUNCAN, MARLENE, WAKEFIELD,
CAROLYN, YELVERTON, ANTHONY, YELVERTON, ERIC, YELVERTON, MICHAEL
PARCEL 0801317 LOT & HOUSE/ $459.05
YELVERTON, KENNETH LEE, YELVERTON, GLORIA IOLA
PARCEL 0105578 LOT & HOUSE/ $307.40
ZAVALA, MARLEN MENDEZ AKA MENDEZ, MARLEN
PARCEL 0920013 LOT 20 SANDY RIDGE SEC 2/ $223.57
